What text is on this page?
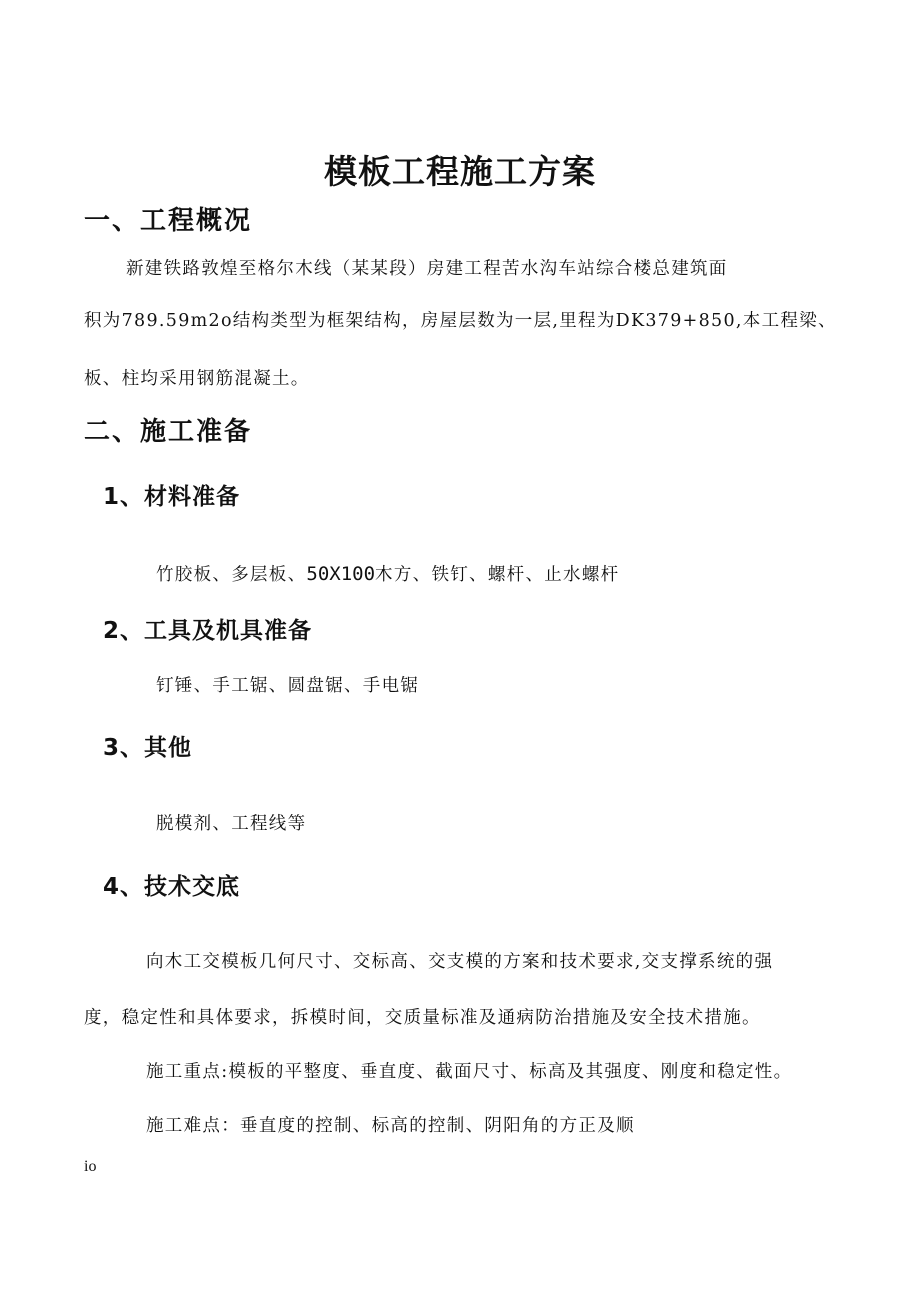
模板工程施工方案
一、工程概况

新建铁路敦煌至格尔木线（某某段）房建工程苦水沟车站综合楼总建筑面

积为789.59m2o结构类型为框架结构，房屋层数为一层,里程为DK379+850,本工程梁、

板、柱均采用钢筋混凝土。

二、施工准备
1、材料准备

竹胶板、多层板、50X100木方、铁钉、螺杆、止水螺杆

2、工具及机具准备

钉锤、手工锯、圆盘锯、手电锯

3、其他

脱模剂、工程线等

4、技术交底

向木工交模板几何尺寸、交标高、交支模的方案和技术要求,交支撑系统的强

度，稳定性和具体要求，拆模时间，交质量标准及通病防治措施及安全技术措施。

施工重点:模板的平整度、垂直度、截面尺寸、标高及其强度、刚度和稳定性。

施工难点：垂直度的控制、标高的控制、阴阳角的方正及顺

io
